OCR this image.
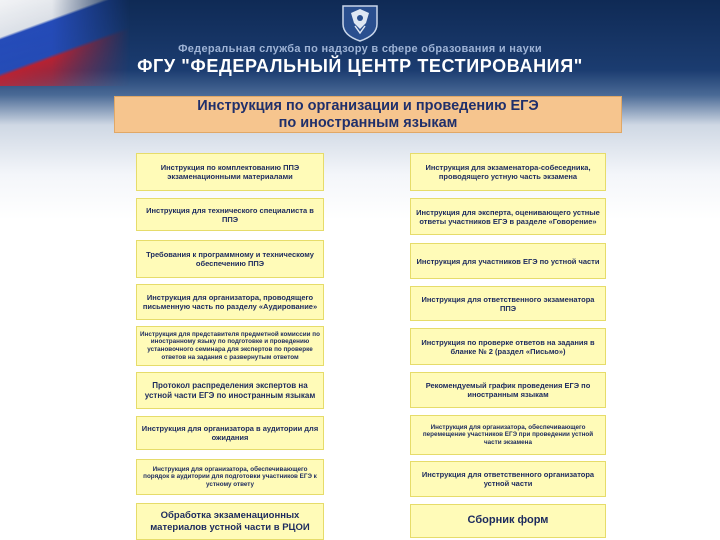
Федеральная служба по надзору в сфере образования и науки
ФГУ "ФЕДЕРАЛЬНЫЙ ЦЕНТР ТЕСТИРОВАНИЯ"
Инструкция по организации и проведению ЕГЭ
по иностранным языкам
Инструкция по комплектованию ППЭ экзаменационными материалами
Инструкция для технического специалиста в ППЭ
Требования к программному и техническому обеспечению ППЭ
Инструкция для организатора, проводящего письменную часть по разделу «Аудирование»
Инструкция для представителя предметной комиссии по иностранному языку по подготовке и проведению установочного семинара для экспертов по проверке ответов на задания с развернутым ответом
Протокол распределения экспертов на устной части ЕГЭ по иностранным языкам
Инструкция для организатора в аудитории для ожидания
Инструкция для организатора, обеспечивающего порядок в аудитории для подготовки участников ЕГЭ к устному ответу
Обработка экзаменационных материалов устной части в РЦОИ
Инструкция для экзаменатора-собеседника, проводящего устную часть экзамена
Инструкция для эксперта, оценивающего устные ответы участников ЕГЭ в разделе «Говорение»
Инструкция для участников ЕГЭ по устной части
Инструкция для ответственного экзаменатора ППЭ
Инструкция по проверке ответов на задания в бланке № 2 (раздел «Письмо»)
Рекомендуемый график проведения ЕГЭ по иностранным языкам
Инструкция для организатора, обеспечивающего перемещение участников ЕГЭ при проведении устной части экзамена
Инструкция для ответственного организатора устной части
Сборник форм
